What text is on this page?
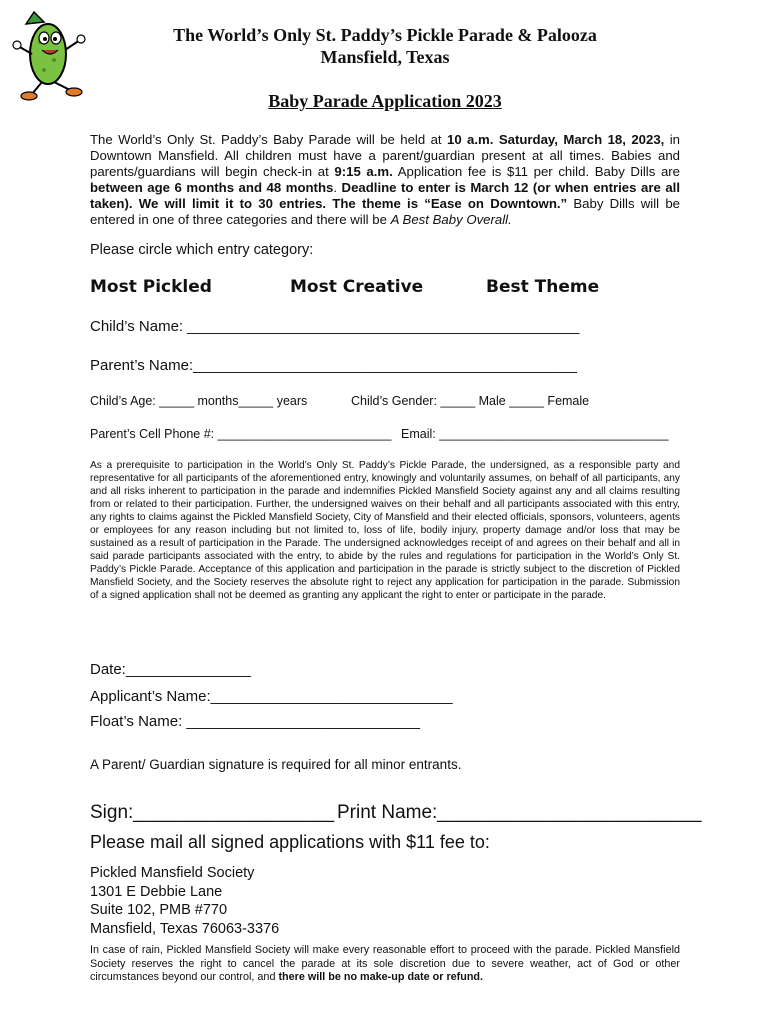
The World’s Only St. Paddy’s Pickle Parade & Palooza
Mansfield, Texas
Baby Parade Application 2023
The World’s Only St. Paddy’s Baby Parade will be held at 10 a.m. Saturday, March 18, 2023, in Downtown Mansfield. All children must have a parent/guardian present at all times. Babies and parents/guardians will begin check-in at 9:15 a.m. Application fee is $11 per child. Baby Dills are between age 6 months and 48 months. Deadline to enter is March 12 (or when entries are all taken). We will limit it to 30 entries. The theme is “Ease on Downtown.” Baby Dills will be entered in one of three categories and there will be A Best Baby Overall.
Please circle which entry category:
Most Pickled	Most Creative	Best Theme
Child’s Name: _______________________________________________
Parent’s Name:______________________________________________
Child’s Age: _____ months_____ years	Child’s Gender: _____ Male _____ Female
Parent’s Cell Phone #: _________________________ Email: _________________________________
As a prerequisite to participation in the World’s Only St. Paddy’s Pickle Parade, the undersigned, as a responsible party and representative for all participants of the aforementioned entry, knowingly and voluntarily assumes, on behalf of all participants, any and all risks inherent to participation in the parade and indemnifies Pickled Mansfield Society against any and all claims resulting from or related to their participation. Further, the undersigned waives on their behalf and all participants associated with this entry, any rights to claims against the Pickled Mansfield Society, City of Mansfield and their elected officials, sponsors, volunteers, agents or employees for any reason including but not limited to, loss of life, bodily injury, property damage and/or loss that may be sustained as a result of participation in the Parade. The undersigned acknowledges receipt of and agrees on their behalf and all in said parade participants associated with the entry, to abide by the rules and regulations for participation in the World’s Only St. Paddy’s Pickle Parade. Acceptance of this application and participation in the parade is strictly subject to the discretion of Pickled Mansfield Society, and the Society reserves the absolute right to reject any application for participation in the parade. Submission of a signed application shall not be deemed as granting any applicant the right to enter or participate in the parade.
Date:_______________
Applicant’s Name:_____________________________
Float’s Name: ____________________________
A Parent/ Guardian signature is required for all minor entrants.
Sign:___________________ Print Name:_________________________
Please mail all signed applications with $11 fee to:
Pickled Mansfield Society
1301 E Debbie Lane
Suite 102, PMB #770
Mansfield, Texas 76063-3376
In case of rain, Pickled Mansfield Society will make every reasonable effort to proceed with the parade. Pickled Mansfield Society reserves the right to cancel the parade at its sole discretion due to severe weather, act of God or other circumstances beyond our control, and there will be no make-up date or refund.
